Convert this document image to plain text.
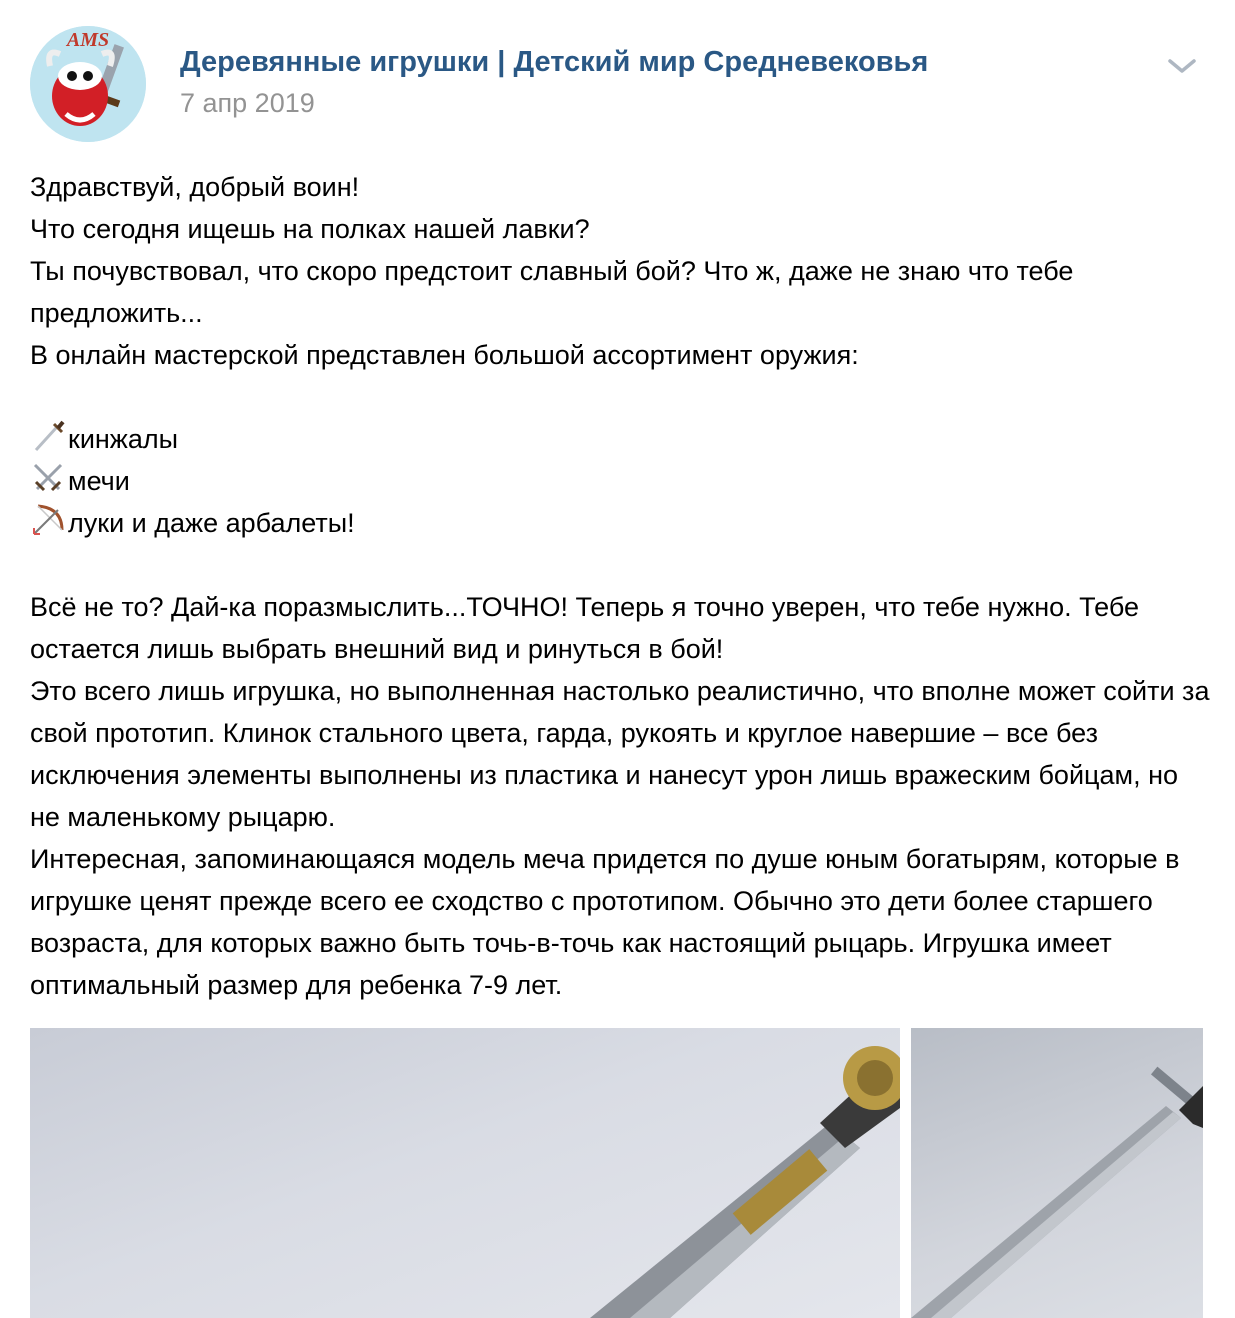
AMS
Деревянные игрушки | Детский мир Средневековья
7 апр 2019

Здравствуй, добрый воин!

Что сегодня ищешь на полках нашей лавки?

Ты почувствовал, что скоро предстоит славный бой? Что ж, даже не знаю что тебе предложить...

В онлайн мастерской представлен большой ассортимент оружия:

кинжалы

мечи

луки и даже арбалеты!

Всё не то? Дай-ка поразмыслить...ТОЧНО! Теперь я точно уверен, что тебе нужно. Тебе остается лишь выбрать внешний вид и ринуться в бой!

Это всего лишь игрушка, но выполненная настолько реалистично, что вполне может сойти за свой прототип. Клинок стального цвета, гарда, рукоять и круглое навершие – все без исключения элементы выполнены из пластика и нанесут урон лишь вражеским бойцам, но не маленькому рыцарю.

Интересная, запоминающаяся модель меча придется по душе юным богатырям, которые в игрушке ценят прежде всего ее сходство с прототипом. Обычно это дети более старшего возраста, для которых важно быть точь-в-точь как настоящий рыцарь. Игрушка имеет оптимальный размер для ребенка 7-9 лет.
